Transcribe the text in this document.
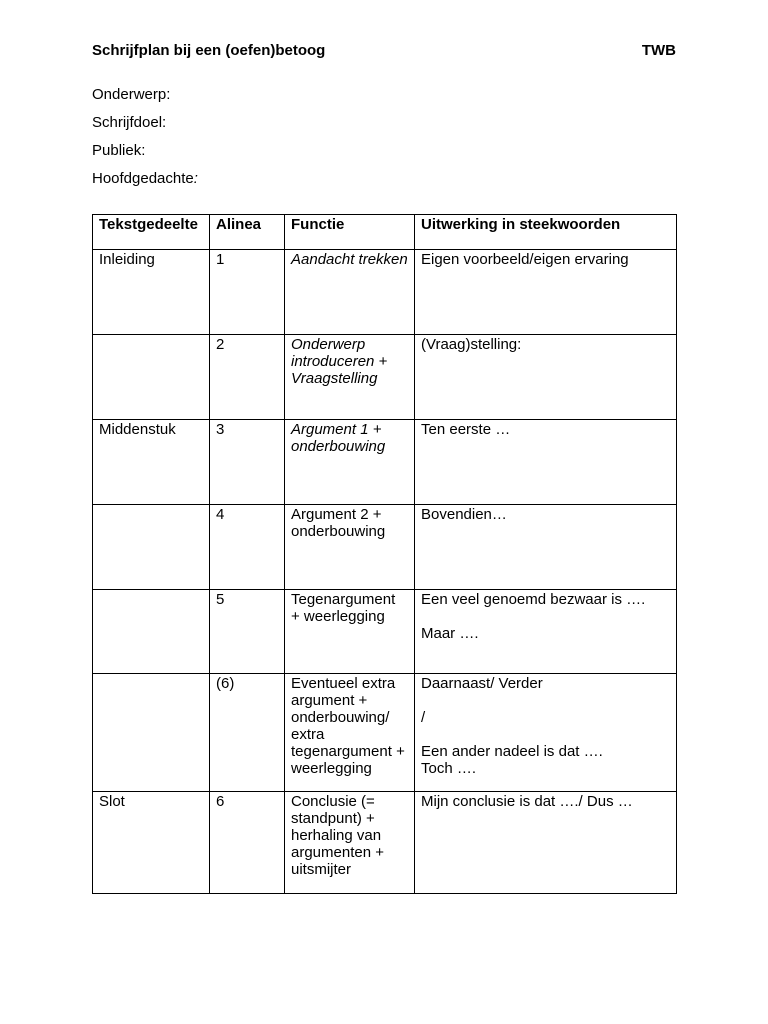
Schrijfplan bij een (oefen)betoog	TWB
Onderwerp:
Schrijfdoel:
Publiek:
Hoofdgedachte:
Tekstgedeelte	Alinea	Functie	Uitwerking in steekwoorden
Inleiding	1	Aandacht trekken	Eigen voorbeeld/eigen ervaring
	2	Onderwerp introduceren + Vraagstelling	(Vraag)stelling:
Middenstuk	3	Argument 1 + onderbouwing	Ten eerste …
	4	Argument 2 + onderbouwing	Bovendien…
	5	Tegenargument + weerlegging	Een veel genoemd bezwaar is ….
Maar ….

	(6)	Eventueel extra argument + onderbouwing/ extra tegenargument + weerlegging	Daarnaast/ Verder
/
Een ander nadeel is dat ….
Toch ….

Slot	6	Conclusie (= standpunt) + herhaling van argumenten + uitsmijter	Mijn conclusie is dat …./ Dus …
